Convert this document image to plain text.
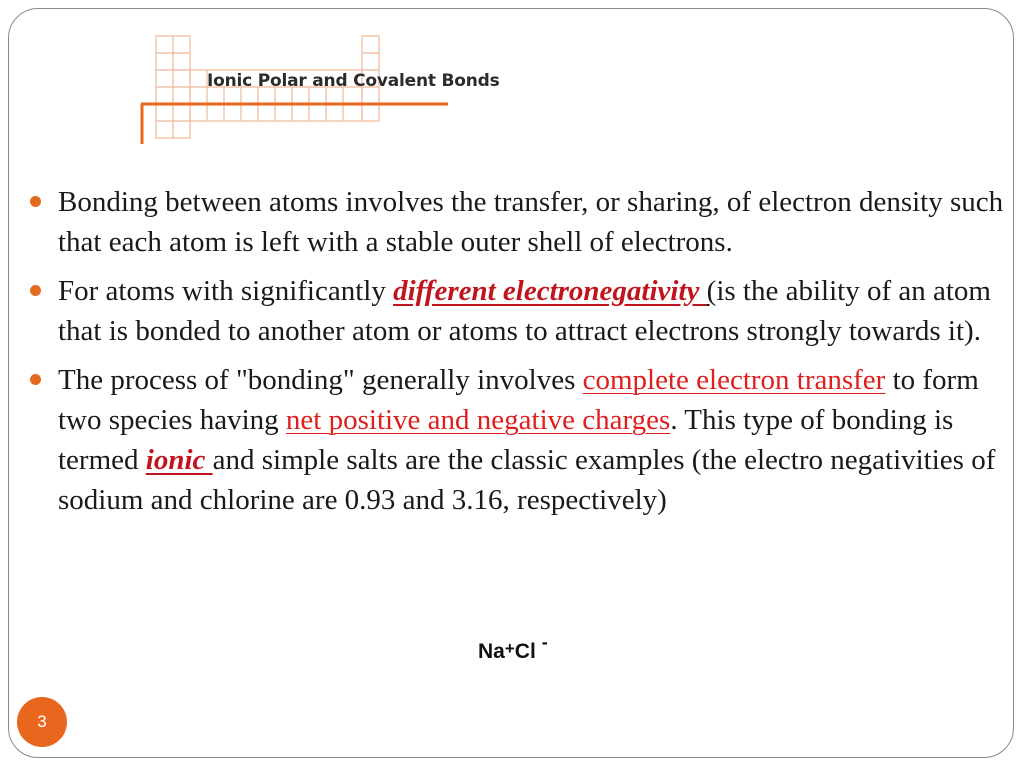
Ionic Polar and Covalent Bonds
Bonding between atoms involves the transfer, or sharing, of electron density such that each atom is left with a stable outer shell of electrons.
For atoms with significantly different electronegativity (is the ability of an atom that is bonded to another atom or atoms to attract electrons strongly towards it).
The process of "bonding" generally involves complete electron transfer to form two species having net positive and negative charges. This type of bonding is termed ionic and simple salts are the classic examples (the electro negativities of sodium and chlorine are 0.93 and 3.16, respectively)
Na+Cl -
3
